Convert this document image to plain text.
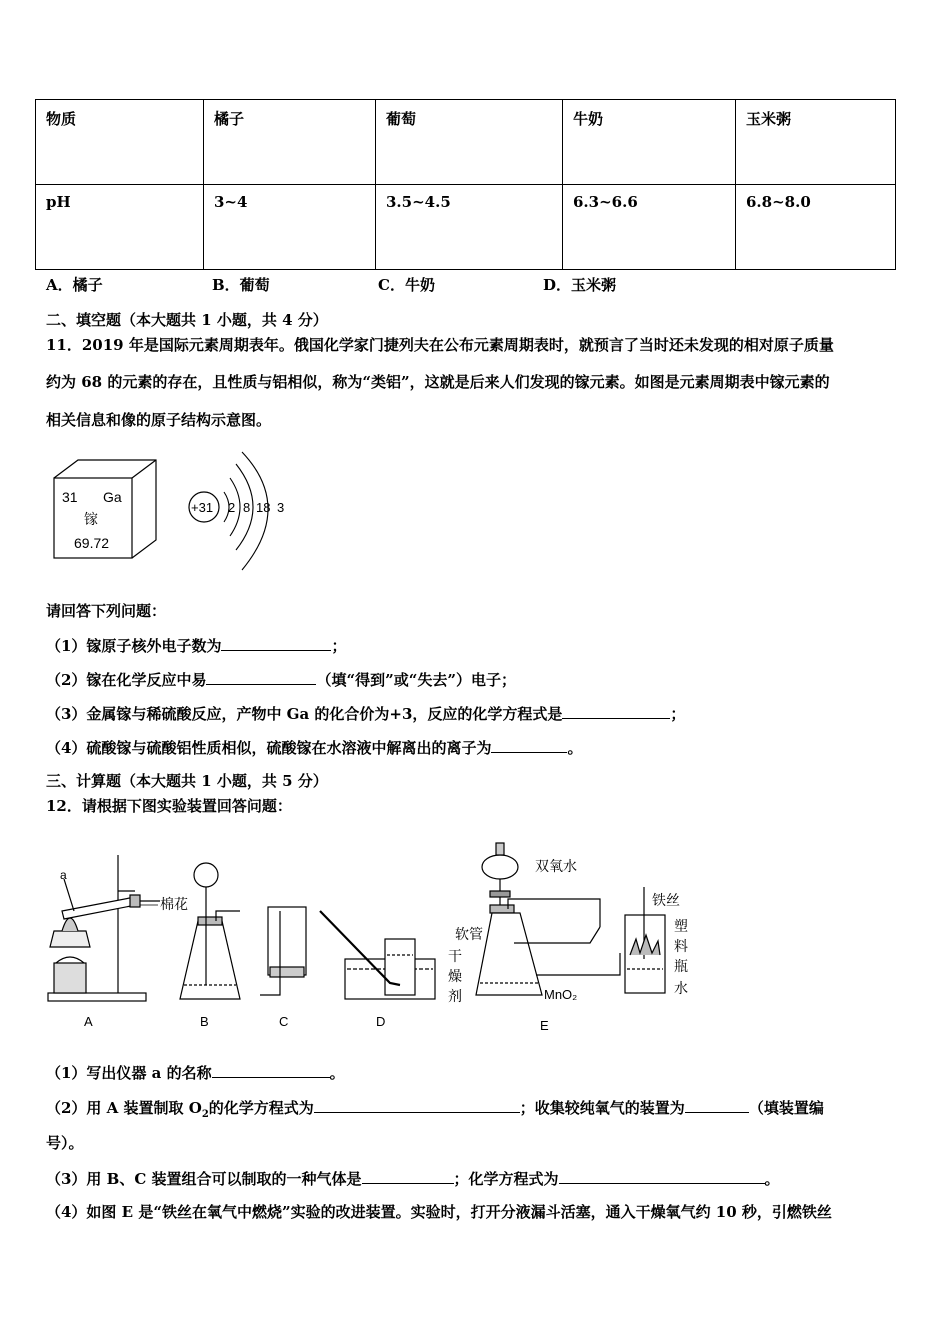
物质	橘子	葡萄	牛奶	玉米粥
pH	3~4	3.5~4.5	6.3~6.6	6.8~8.0
A．橘子	B．葡萄	C．牛奶	D．玉米粥
二、填空题（本大题共 1 小题，共 4 分）
11．2019 年是国际元素周期表年。俄国化学家门捷列夫在公布元素周期表时，就预言了当时还未发现的相对原子质量
约为 68 的元素的存在，且性质与铝相似，称为“类铝”，这就是后来人们发现的镓元素。如图是元素周期表中镓元素的
相关信息和像的原子结构示意图。
31 Ga
镓
69.72
+31 2 8 18 3
请回答下列问题：
（1）镓原子核外电子数为	；
（2）镓在化学反应中易	（填“得到”或“失去”）电子；
（3）金属镓与稀硫酸反应，产物中 Ga 的化合价为+3，反应的化学方程式是	；
（4）硫酸镓与硫酸铝性质相似，硫酸镓在水溶液中解离出的离子为	。
三、计算题（本大题共 1 小题，共 5 分）
12．请根据下图实验装置回答问题：
a
棉花
双氧水
软管
干
燥
剂	MnO₂
铁丝
塑
料
瓶
水
A	B	C	D	E
（1）写出仪器 a 的名称	。
（2）用 A 装置制取 $O_2$的化学方程式为	；收集较纯氧气的装置为	（填装置编
号）。
（3）用 B、C 装置组合可以制取的一种气体是	；化学方程式为	。
（4）如图 E 是“铁丝在氧气中燃烧”实验的改进装置。实验时，打开分液漏斗活塞，通入干燥氧气约 10 秒，引燃铁丝
